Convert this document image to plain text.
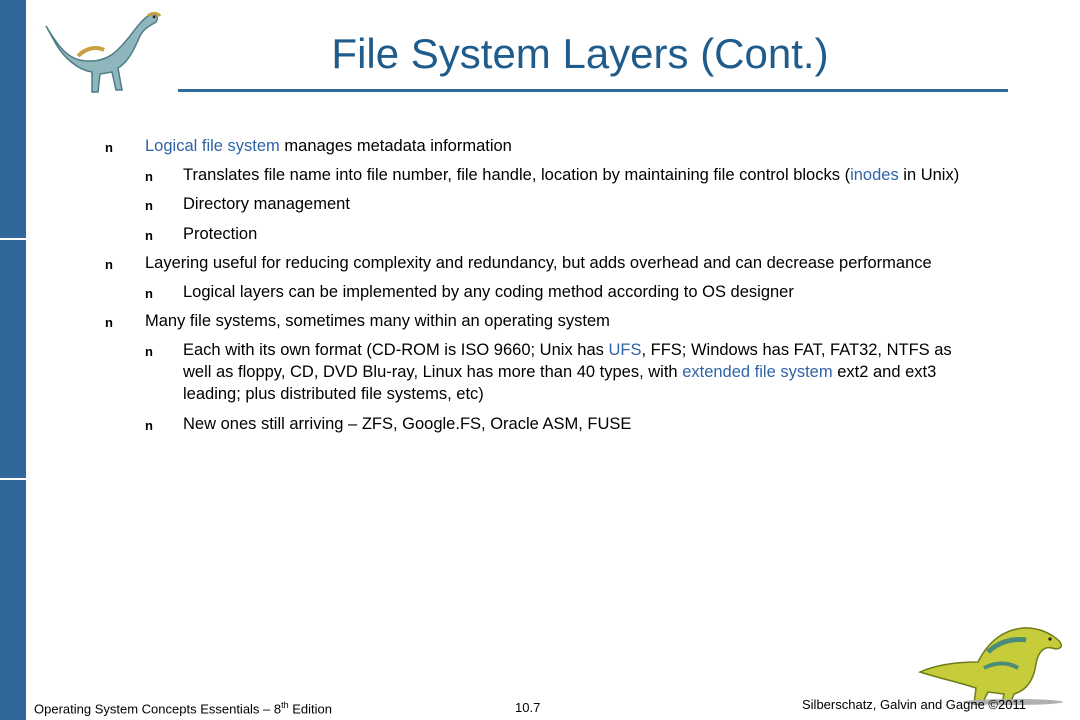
File System Layers (Cont.)
n Logical file system manages metadata information
n Translates file name into file number, file handle, location by maintaining file control blocks (inodes in Unix)
n Directory management
n Protection
n Layering useful for reducing complexity and redundancy, but adds overhead and can decrease performance
n Logical layers can be implemented by any coding method according to OS designer
n Many file systems, sometimes many within an operating system
n Each with its own format (CD-ROM is ISO 9660; Unix has UFS, FFS; Windows has FAT, FAT32, NTFS as
well as floppy, CD, DVD Blu-ray, Linux has more than 40 types, with extended file system ext2 and ext3
leading; plus distributed file systems, etc)
n New ones still arriving – ZFS, Google.FS, Oracle ASM, FUSE
Operating System Concepts Essentials – 8th Edition	10.7	Silberschatz, Galvin and Gagne ©2011
